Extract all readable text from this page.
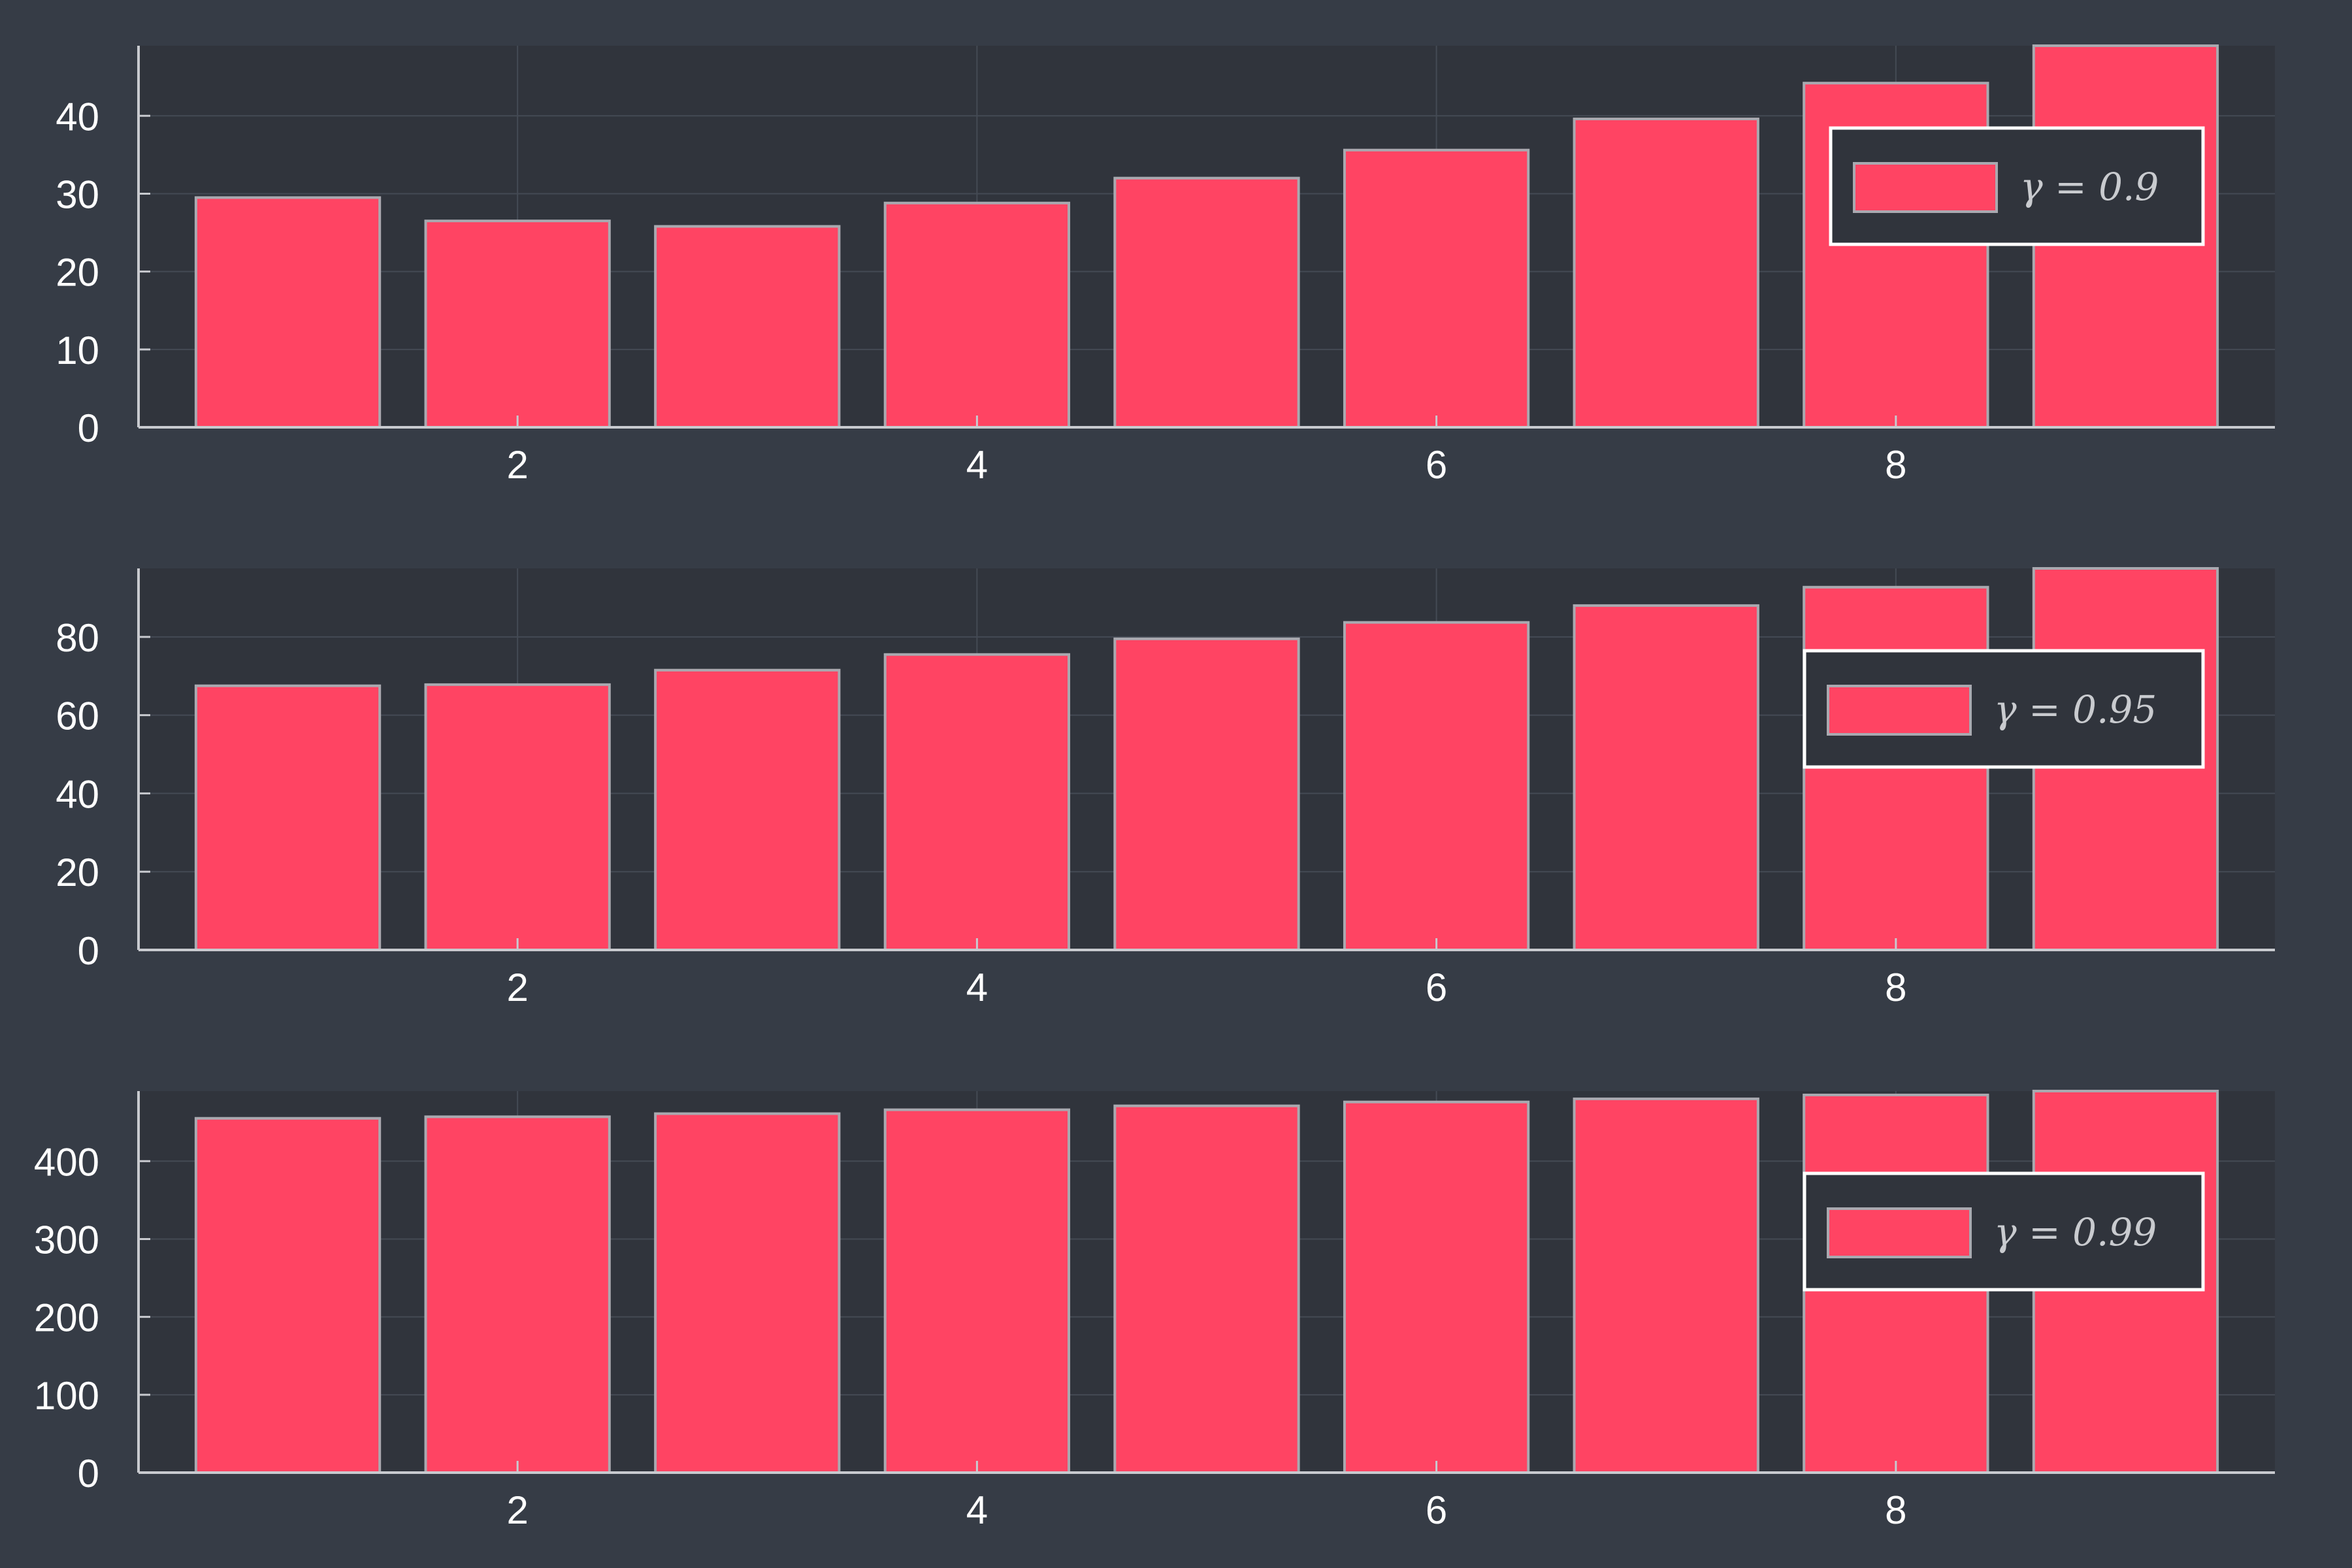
2	4	6	8
0
10
20
30
40
γ = 0.9
2	4	6	8
0
20
40
60
80
γ = 0.95
2	4	6	8
0
100
200
300
400
γ = 0.99
